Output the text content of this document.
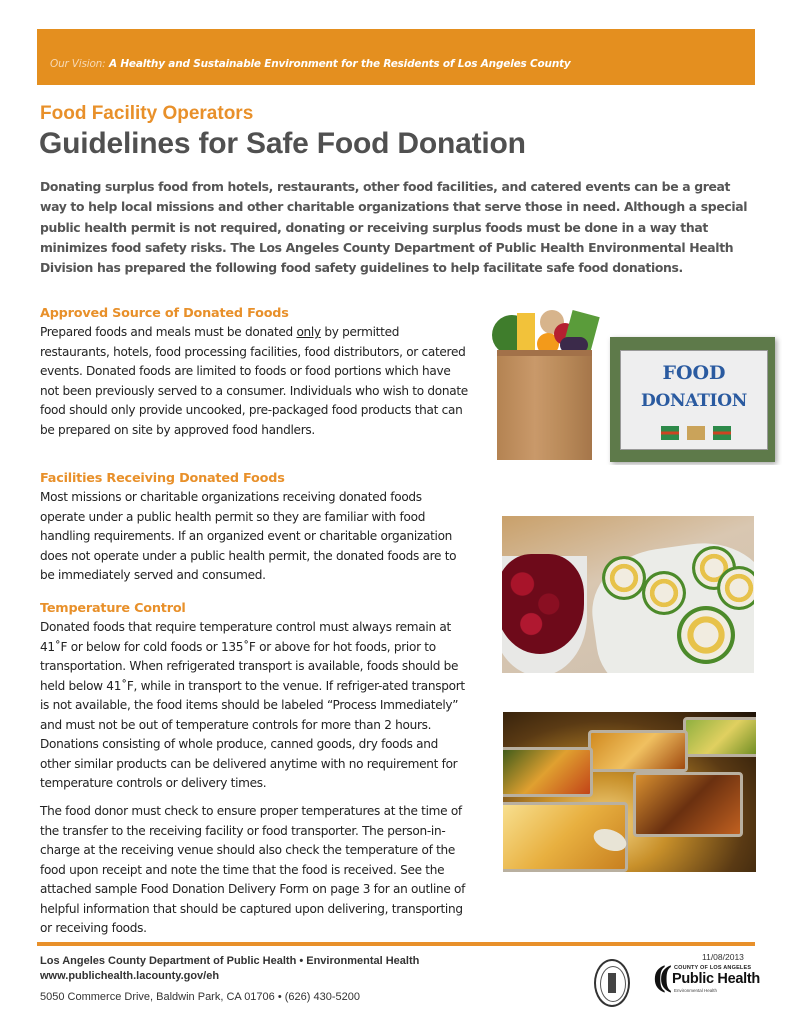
Our Vision: A Healthy and Sustainable Environment for the Residents of Los Angeles County
Food Facility Operators
Guidelines for Safe Food Donation
Donating surplus food from hotels, restaurants, other food facilities, and catered events can be a great way to help local missions and other charitable organizations that serve those in need. Although a special public health permit is not required, donating or receiving surplus foods must be done in a way that minimizes food safety risks. The Los Angeles County Department of Public Health Environmental Health Division has prepared the following food safety guidelines to help facilitate safe food donations.
Approved Source of Donated Foods
Prepared foods and meals must be donated only by permitted restaurants, hotels, food processing facilities, food distributors, or catered events. Donated foods are limited to foods or food portions which have not been previously served to a consumer. Individuals who wish to donate food should only provide uncooked, pre-packaged food products that can be prepared on site by approved food handlers.
Facilities Receiving Donated Foods
Most missions or charitable organizations receiving donated foods operate under a public health permit so they are familiar with food handling requirements. If an organized event or charitable organization does not operate under a public health permit, the donated foods are to be immediately served and consumed.
Temperature Control
Donated foods that require temperature control must always remain at 41˚F or below for cold foods or 135˚F or above for hot foods, prior to transportation. When refrigerated transport is available, foods should be held below 41˚F, while in transport to the venue. If refriger-ated transport is not available, the food items should be labeled “Process Immediately” and must not be out of temperature controls for more than 2 hours. Donations consisting of whole produce, canned goods, dry foods and other similar products can be delivered anytime with no requirement for temperature controls or delivery times.
The food donor must check to ensure proper temperatures at the time of the transfer to the receiving facility or food transporter. The person-in-charge at the receiving venue should also check the temperature of the food upon receipt and note the time that the food is received. See the attached sample Food Donation Delivery Form on page 3 for an outline of helpful information that should be captured upon delivering, transporting or receiving foods.
FOOD
DONATION
11/08/2013
Los Angeles County Department of Public Health • Environmental Health
www.publichealth.lacounty.gov/eh
5050 Commerce Drive, Baldwin Park, CA 01706 • (626) 430-5200
(( COUNTY OF LOS ANGELES
Public Health
Environmental Health
